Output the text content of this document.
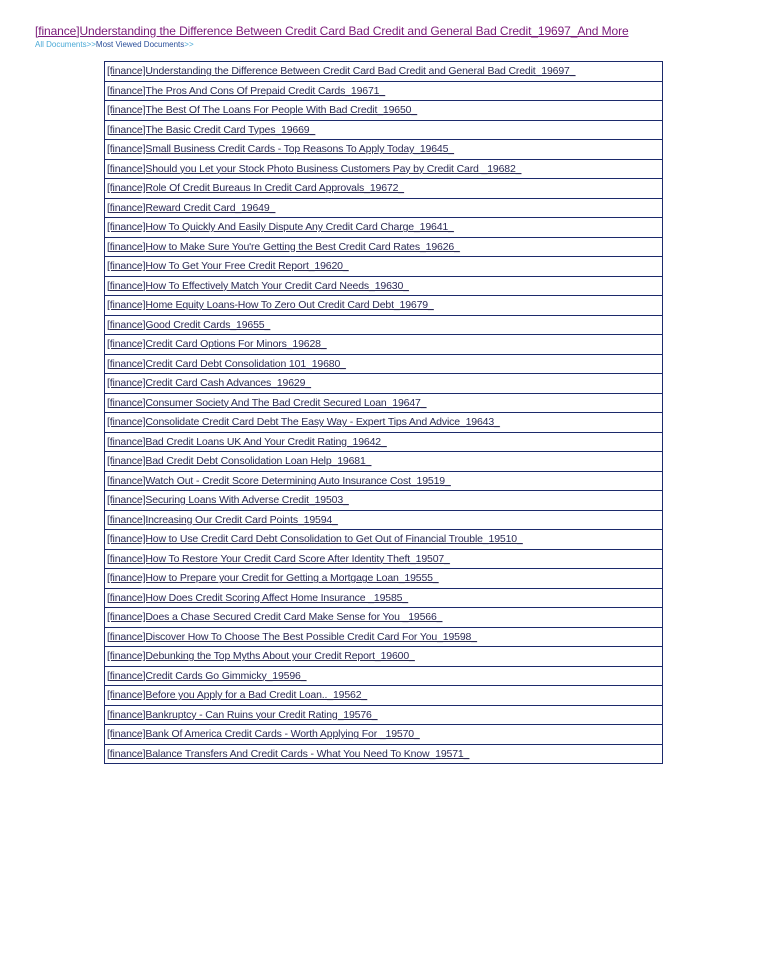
[finance]Understanding the Difference Between Credit Card Bad Credit and General Bad Credit_19697_And More
All Documents>>Most Viewed Documents>>
[finance]Understanding the Difference Between Credit Card Bad Credit and General Bad Credit_19697_
[finance]The Pros And Cons Of Prepaid Credit Cards_19671_
[finance]The Best Of The Loans For People With Bad Credit_19650_
[finance]The Basic Credit Card Types_19669_
[finance]Small Business Credit Cards - Top Reasons To Apply Today_19645_
[finance]Should you Let your Stock Photo Business Customers Pay by Credit Card _19682_
[finance]Role Of Credit Bureaus In Credit Card Approvals_19672_
[finance]Reward Credit Card_19649_
[finance]How To Quickly And Easily Dispute Any Credit Card Charge_19641_
[finance]How to Make Sure You're Getting the Best Credit Card Rates_19626_
[finance]How To Get Your Free Credit Report_19620_
[finance]How To Effectively Match Your Credit Card Needs_19630_
[finance]Home Equity Loans-How To Zero Out Credit Card Debt_19679_
[finance]Good Credit Cards_19655_
[finance]Credit Card Options For Minors_19628_
[finance]Credit Card Debt Consolidation 101_19680_
[finance]Credit Card Cash Advances_19629_
[finance]Consumer Society And The Bad Credit Secured Loan_19647_
[finance]Consolidate Credit Card Debt The Easy Way - Expert Tips And Advice_19643_
[finance]Bad Credit Loans UK And Your Credit Rating_19642_
[finance]Bad Credit Debt Consolidation Loan Help_19681_
[finance]Watch Out - Credit Score Determining Auto Insurance Cost_19519_
[finance]Securing Loans With Adverse Credit_19503_
[finance]Increasing Our Credit Card Points_19594_
[finance]How to Use Credit Card Debt Consolidation to Get Out of Financial Trouble_19510_
[finance]How To Restore Your Credit Card Score After Identity Theft_19507_
[finance]How to Prepare your Credit for Getting a Mortgage Loan_19555_
[finance]How Does Credit Scoring Affect Home Insurance _19585_
[finance]Does a Chase Secured Credit Card Make Sense for You _19566_
[finance]Discover How To Choose The Best Possible Credit Card For You_19598_
[finance]Debunking the Top Myths About your Credit Report_19600_
[finance]Credit Cards Go Gimmicky_19596_
[finance]Before you Apply for a Bad Credit Loan.._19562_
[finance]Bankruptcy - Can Ruins your Credit Rating_19576_
[finance]Bank Of America Credit Cards - Worth Applying For _19570_
[finance]Balance Transfers And Credit Cards - What You Need To Know_19571_
